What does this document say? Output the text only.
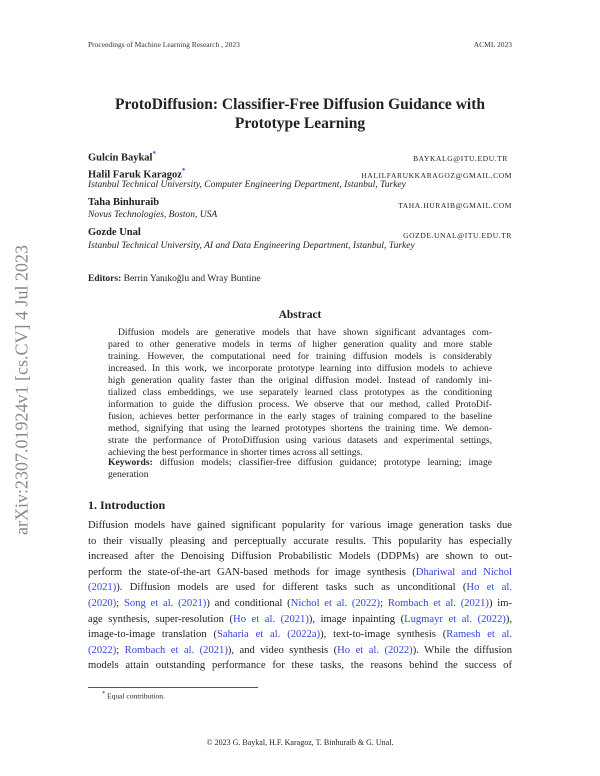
Proceedings of Machine Learning Research , 2023	ACML 2023
arXiv:2307.01924v1 [cs.CV] 4 Jul 2023
ProtoDiffusion: Classifier-Free Diffusion Guidance with
Prototype Learning
Gulcin Baykal*	BAYKALG@ITU.EDU.TR
Halil Faruk Karagoz*	HALILFARUKKARAGOZ@GMAIL.COM
Istanbul Technical University, Computer Engineering Department, Istanbul, Turkey
Taha Binhuraib	TAHA.HURAIB@GMAIL.COM
Novus Technologies, Boston, USA
Gozde Unal	GOZDE.UNAL@ITU.EDU.TR
Istanbul Technical University, AI and Data Engineering Department, Istanbul, Turkey
Editors: Berrin Yanıkoğlu and Wray Buntine
Abstract
Diffusion models are generative models that have shown significant advantages com-
pared to other generative models in terms of higher generation quality and more stable
training. However, the computational need for training diffusion models is considerably
increased. In this work, we incorporate prototype learning into diffusion models to achieve
high generation quality faster than the original diffusion model. Instead of randomly ini-
tialized class embeddings, we use separately learned class prototypes as the conditioning
information to guide the diffusion process. We observe that our method, called ProtoDif-
fusion, achieves better performance in the early stages of training compared to the baseline
method, signifying that using the learned prototypes shortens the training time. We demon-
strate the performance of ProtoDiffusion using various datasets and experimental settings,
achieving the best performance in shorter times across all settings.
Keywords: diffusion models; classifier-free diffusion guidance; prototype learning; image
generation
1. Introduction
Diffusion models have gained significant popularity for various image generation tasks due
to their visually pleasing and perceptually accurate results. This popularity has especially
increased after the Denoising Diffusion Probabilistic Models (DDPMs) are shown to out-
perform the state-of-the-art GAN-based methods for image synthesis (Dhariwal and Nichol
(2021)). Diffusion models are used for different tasks such as unconditional (Ho et al.
(2020); Song et al. (2021)) and conditional (Nichol et al. (2022); Rombach et al. (2021)) im-
age synthesis, super-resolution (Ho et al. (2021)), image inpainting (Lugmayr et al. (2022)),
image-to-image translation (Saharia et al. (2022a)), text-to-image synthesis (Ramesh et al.
(2022); Rombach et al. (2021)), and video synthesis (Ho et al. (2022)). While the diffusion
models attain outstanding performance for these tasks, the reasons behind the success of
* Equal contribution.
© 2023 G. Baykal, H.F. Karagoz, T. Binhuraib & G. Unal.
